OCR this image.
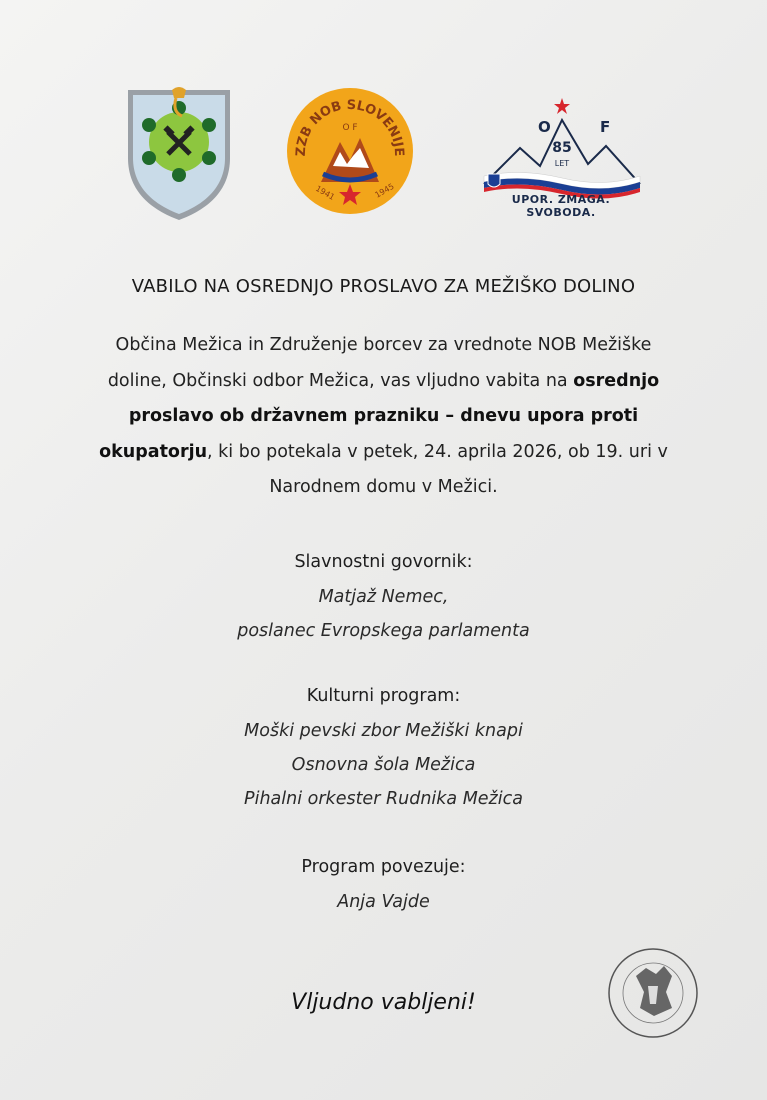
ZZB NOB SLOVENIJE
O F
1941	1945
O F
85
LET
UPOR. ZMAGA. SVOBODA.
VABILO NA OSREDNJO PROSLAVO ZA MEŽIŠKO DOLINO
Občina Mežica in Združenje borcev za vrednote NOB Mežiške
doline, Občinski odbor Mežica, vas vljudno vabita na osrednjo
proslavo ob državnem prazniku – dnevu upora proti
okupatorju, ki bo potekala v petek, 24. aprila 2026, ob 19. uri v
Narodnem domu v Mežici.
Slavnostni govornik:
Matjaž Nemec,
poslanec Evropskega parlamenta
Kulturni program:
Moški pevski zbor Mežiški knapi
Osnovna šola Mežica
Pihalni orkester Rudnika Mežica
Program povezuje:
Anja Vajde
Vljudno vabljeni!
